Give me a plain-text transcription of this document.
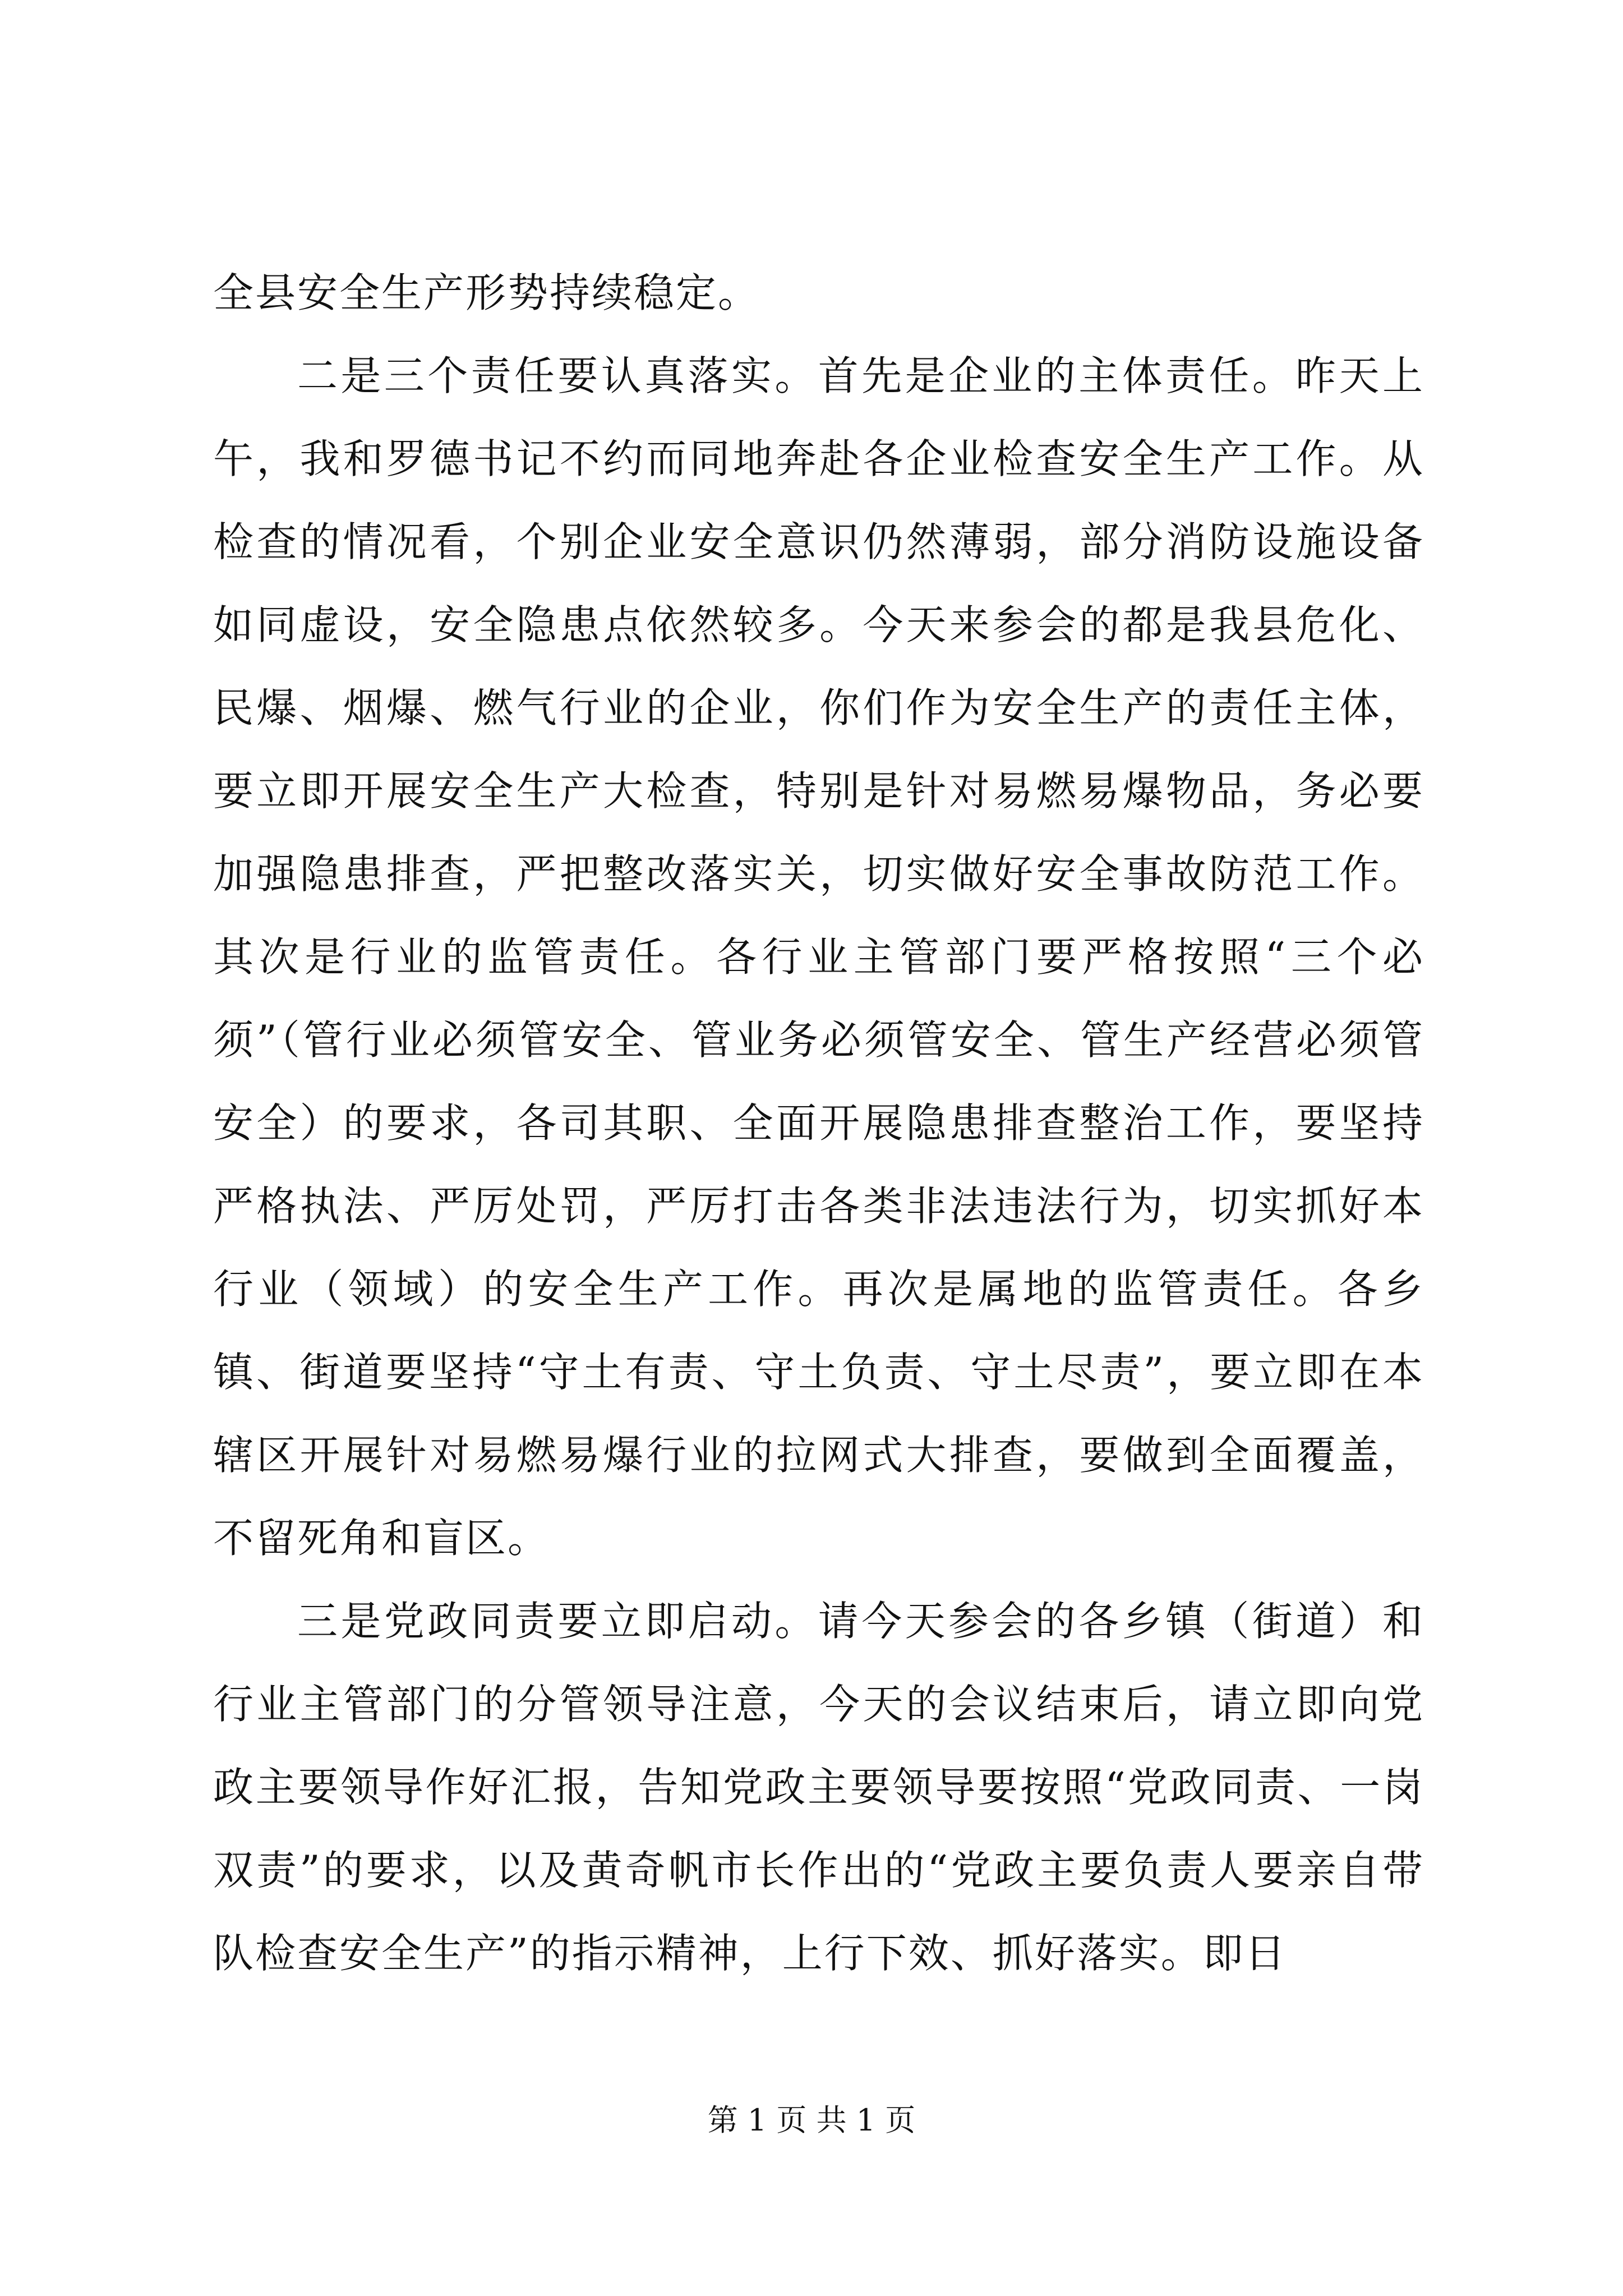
全县安全生产形势持续稳定。

二是三个责任要认真落实。首先是企业的主体责任。昨天上午，我和罗德书记不约而同地奔赴各企业检查安全生产工作。从检查的情况看，个别企业安全意识仍然薄弱，部分消防设施设备如同虚设，安全隐患点依然较多。今天来参会的都是我县危化、民爆、烟爆、燃气行业的企业，你们作为安全生产的责任主体，要立即开展安全生产大检查，特别是针对易燃易爆物品，务必要加强隐患排查，严把整改落实关，切实做好安全事故防范工作。其次是行业的监管责任。各行业主管部门要严格按照“三个必须”（管行业必须管安全、管业务必须管安全、管生产经营必须管安全）的要求，各司其职、全面开展隐患排查整治工作，要坚持严格执法、严厉处罚，严厉打击各类非法违法行为，切实抓好本行业（领域）的安全生产工作。再次是属地的监管责任。各乡镇、街道要坚持“守土有责、守土负责、守土尽责”，要立即在本辖区开展针对易燃易爆行业的拉网式大排查，要做到全面覆盖，不留死角和盲区。

三是党政同责要立即启动。请今天参会的各乡镇（街道）和行业主管部门的分管领导注意，今天的会议结束后，请立即向党政主要领导作好汇报，告知党政主要领导要按照“党政同责、一岗双责”的要求，以及黄奇帆市长作出的“党政主要负责人要亲自带队检查安全生产”的指示精神，上行下效、抓好落实。即日

第 1 页 共 1 页
